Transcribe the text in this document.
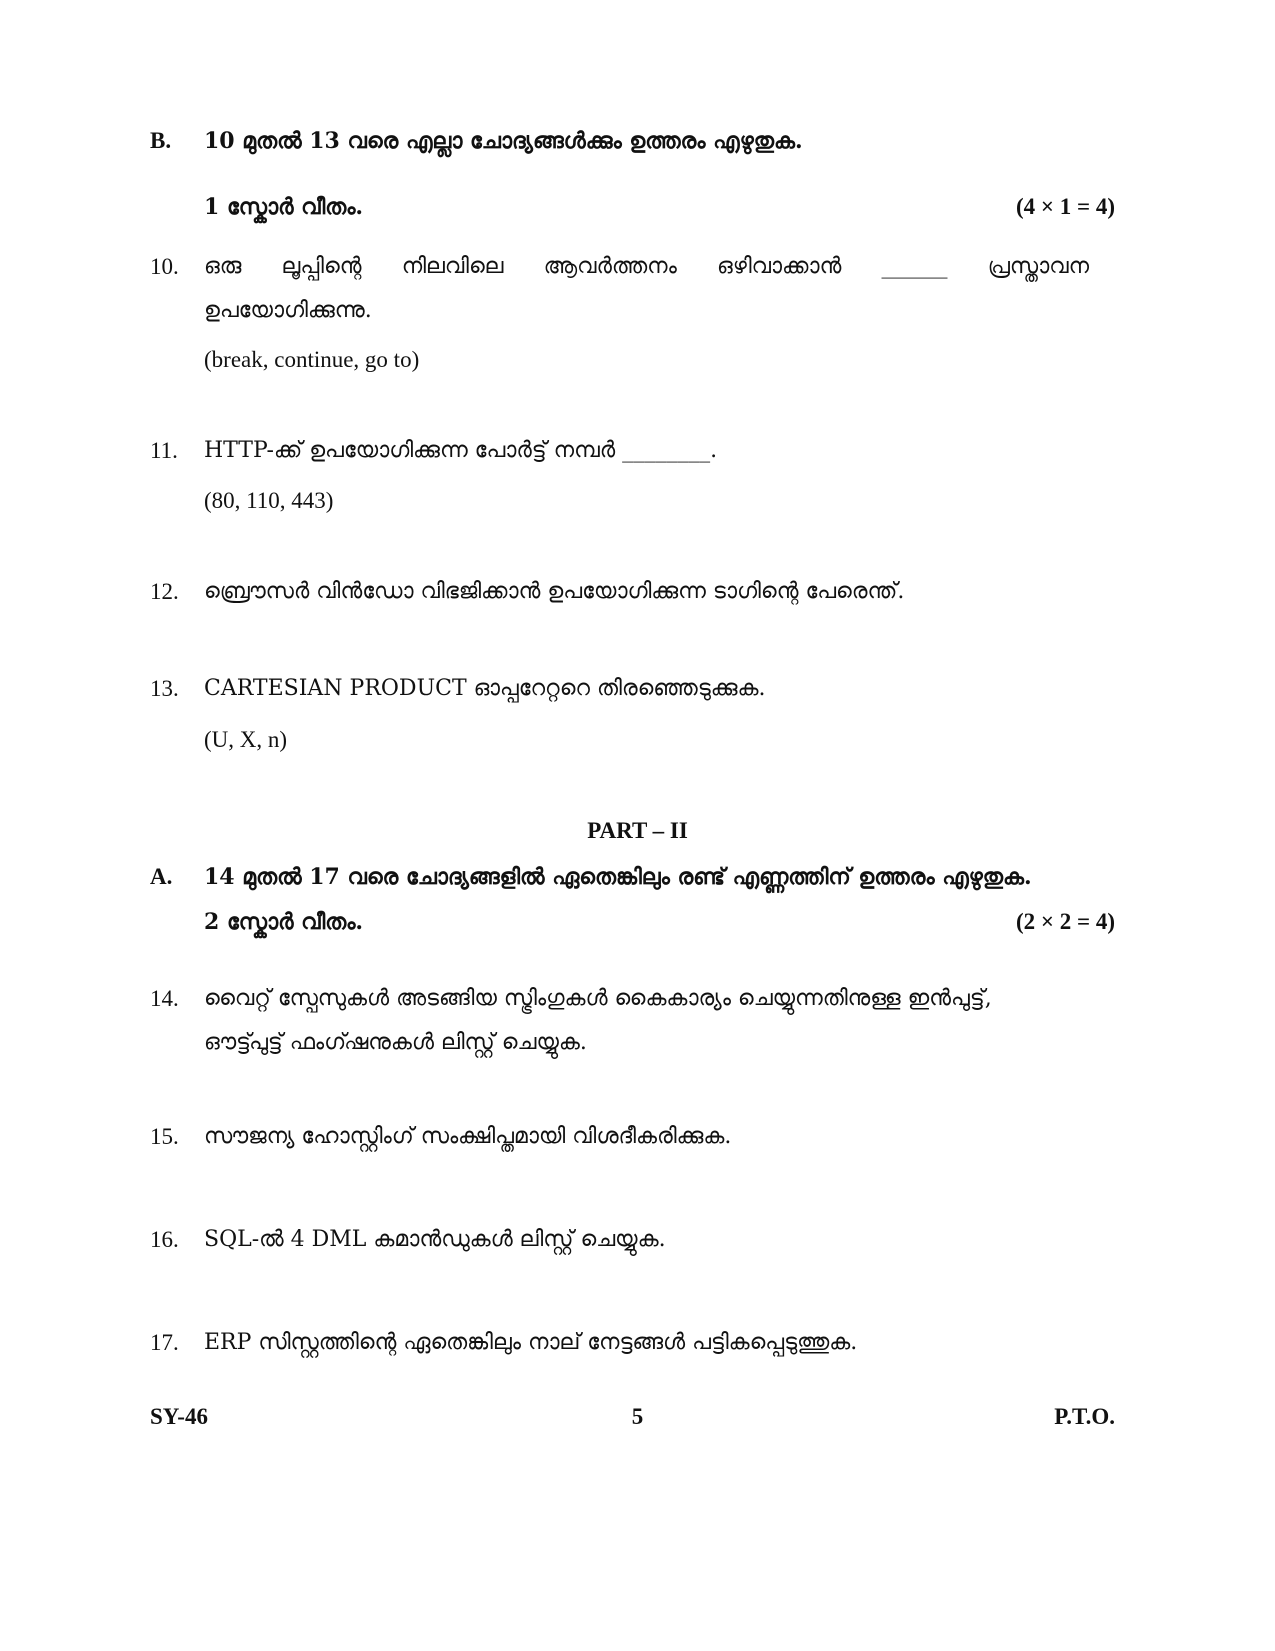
B. 10 മുതൽ 13 വരെ എല്ലാ ചോദ്യങ്ങൾക്കും ഉത്തരം എഴുതുക.
1 സ്കോർ വീതം.	(4 × 1 = 4)
10. ഒരു ലൂപ്പിന്റെ നിലവിലെ ആവർത്തനം ഒഴിവാക്കാൻ ______ പ്രസ്താവന
ഉപയോഗിക്കുന്നു.
(break, continue, go to)
11. HTTP-ക്ക് ഉപയോഗിക്കുന്ന പോർട്ട് നമ്പർ ________.
(80, 110, 443)
12. ബ്രൌസർ വിൻഡോ വിഭജിക്കാൻ ഉപയോഗിക്കുന്ന ടാഗിന്റെ പേരെന്ത്.
13. CARTESIAN PRODUCT ഓപ്പറേറ്ററെ തിരഞ്ഞെടുക്കുക.
(U, X, n)
PART – II
A. 14 മുതൽ 17 വരെ ചോദ്യങ്ങളിൽ ഏതെങ്കിലും രണ്ട് എണ്ണത്തിന് ഉത്തരം എഴുതുക.
2 സ്കോർ വീതം.	(2 × 2 = 4)
14. വൈറ്റ് സ്പേസുകൾ അടങ്ങിയ സ്ട്രിംഗുകൾ കൈകാര്യം ചെയ്യുന്നതിനുള്ള ഇൻപുട്ട്,
ഔട്ട്പുട്ട് ഫംഗ്ഷനുകൾ ലിസ്റ്റ് ചെയ്യുക.
15. സൗജന്യ ഹോസ്റ്റിംഗ് സംക്ഷിപ്തമായി വിശദീകരിക്കുക.
16. SQL-ൽ 4 DML കമാൻഡുകൾ ലിസ്റ്റ് ചെയ്യുക.
17. ERP സിസ്റ്റത്തിന്റെ ഏതെങ്കിലും നാല് നേട്ടങ്ങൾ പട്ടികപ്പെടുത്തുക.
SY-46	5	P.T.O.
